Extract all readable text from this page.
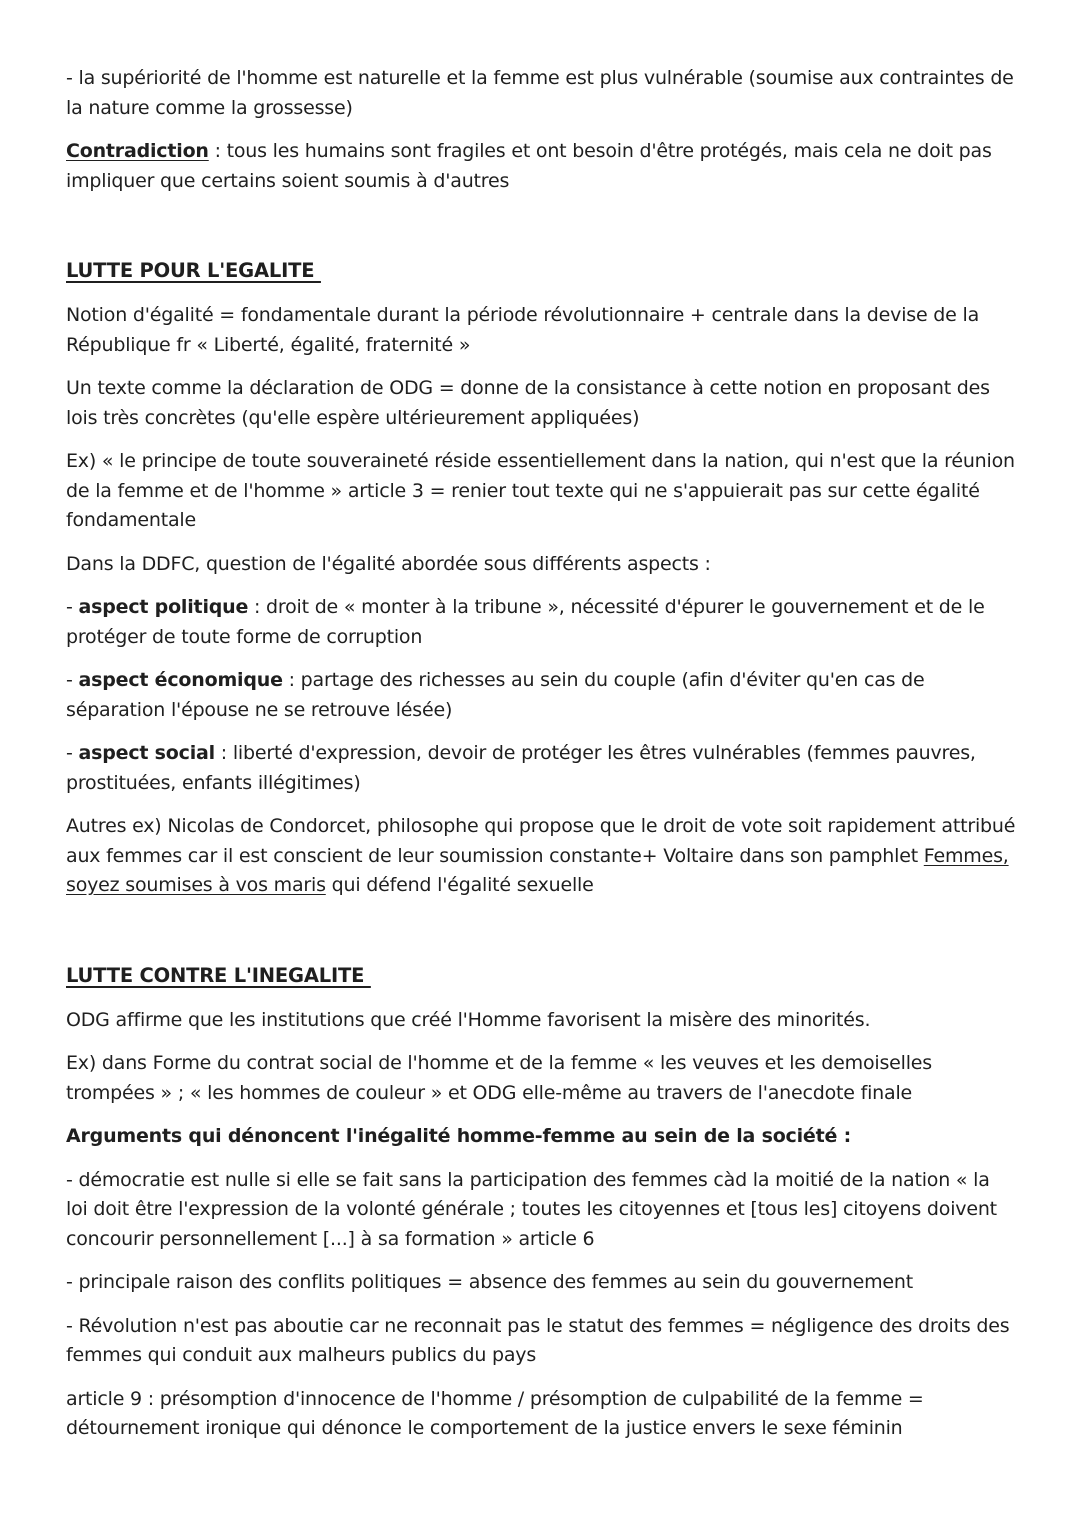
- la supériorité de l'homme est naturelle et la femme est plus vulnérable (soumise aux contraintes de la nature comme la grossesse)

Contradiction : tous les humains sont fragiles et ont besoin d'être protégés, mais cela ne doit pas impliquer que certains soient soumis à d'autres

LUTTE POUR L'EGALITE

Notion d'égalité = fondamentale durant la période révolutionnaire + centrale dans la devise de la République fr « Liberté, égalité, fraternité »

Un texte comme la déclaration de ODG = donne de la consistance à cette notion en proposant des lois très concrètes (qu'elle espère ultérieurement appliquées)

Ex) « le principe de toute souveraineté réside essentiellement dans la nation, qui n'est que la réunion de la femme et de l'homme » article 3 = renier tout texte qui ne s'appuierait pas sur cette égalité fondamentale

Dans la DDFC, question de l'égalité abordée sous différents aspects :

- aspect politique : droit de « monter à la tribune », nécessité d'épurer le gouvernement et de le protéger de toute forme de corruption

- aspect économique : partage des richesses au sein du couple (afin d'éviter qu'en cas de séparation l'épouse ne se retrouve lésée)

- aspect social : liberté d'expression, devoir de protéger les êtres vulnérables (femmes pauvres, prostituées, enfants illégitimes)

Autres ex) Nicolas de Condorcet, philosophe qui propose que le droit de vote soit rapidement attribué aux femmes car il est conscient de leur soumission constante+ Voltaire dans son pamphlet Femmes, soyez soumises à vos maris qui défend l'égalité sexuelle

LUTTE CONTRE L'INEGALITE

ODG affirme que les institutions que créé l'Homme favorisent la misère des minorités.

Ex) dans Forme du contrat social de l'homme et de la femme « les veuves et les demoiselles trompées » ; « les hommes de couleur » et ODG elle-même au travers de l'anecdote finale

Arguments qui dénoncent l'inégalité homme-femme au sein de la société :

- démocratie est nulle si elle se fait sans la participation des femmes càd la moitié de la nation « la loi doit être l'expression de la volonté générale ; toutes les citoyennes et [tous les] citoyens doivent concourir personnellement [...] à sa formation » article 6

- principale raison des conflits politiques = absence des femmes au sein du gouvernement

- Révolution n'est pas aboutie car ne reconnait pas le statut des femmes = négligence des droits des femmes qui conduit aux malheurs publics du pays

article 9 : présomption d'innocence de l'homme / présomption de culpabilité de la femme = détournement ironique qui dénonce le comportement de la justice envers le sexe féminin
